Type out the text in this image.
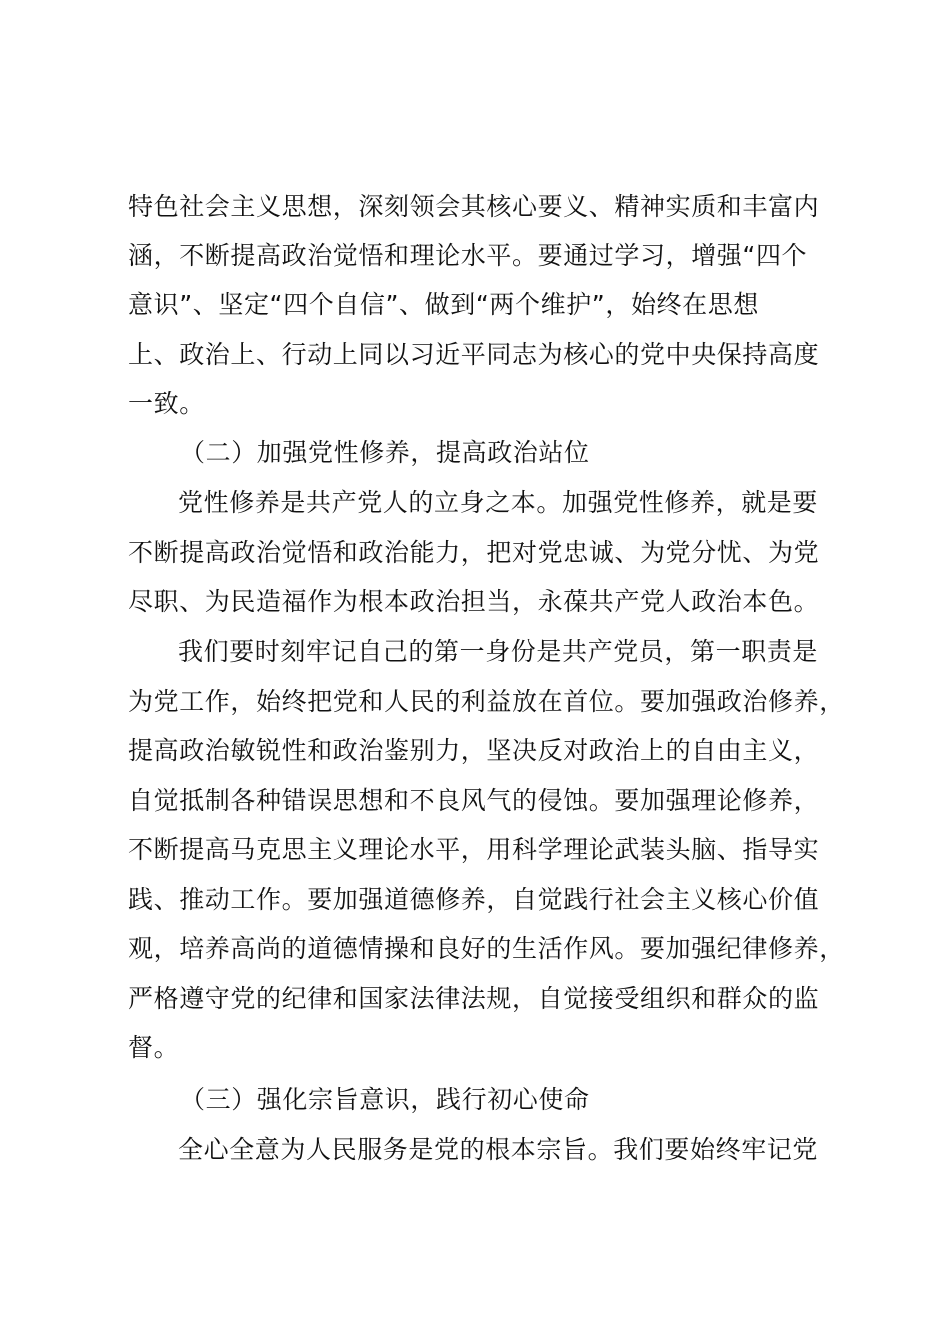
特色社会主义思想，深刻领会其核心要义、精神实质和丰富内
涵，不断提高政治觉悟和理论水平。要通过学习，增强“四个
意识”、坚定“四个自信”、做到“两个维护”，始终在思想
上、政治上、行动上同以习近平同志为核心的党中央保持高度
一致。
（二）加强党性修养，提高政治站位
党性修养是共产党人的立身之本。加强党性修养，就是要
不断提高政治觉悟和政治能力，把对党忠诚、为党分忧、为党
尽职、为民造福作为根本政治担当，永葆共产党人政治本色。
我们要时刻牢记自己的第一身份是共产党员，第一职责是
为党工作，始终把党和人民的利益放在首位。要加强政治修养，
提高政治敏锐性和政治鉴别力，坚决反对政治上的自由主义，
自觉抵制各种错误思想和不良风气的侵蚀。要加强理论修养，
不断提高马克思主义理论水平，用科学理论武装头脑、指导实
践、推动工作。要加强道德修养，自觉践行社会主义核心价值
观，培养高尚的道德情操和良好的生活作风。要加强纪律修养，
严格遵守党的纪律和国家法律法规，自觉接受组织和群众的监
督。
（三）强化宗旨意识，践行初心使命
全心全意为人民服务是党的根本宗旨。我们要始终牢记党
